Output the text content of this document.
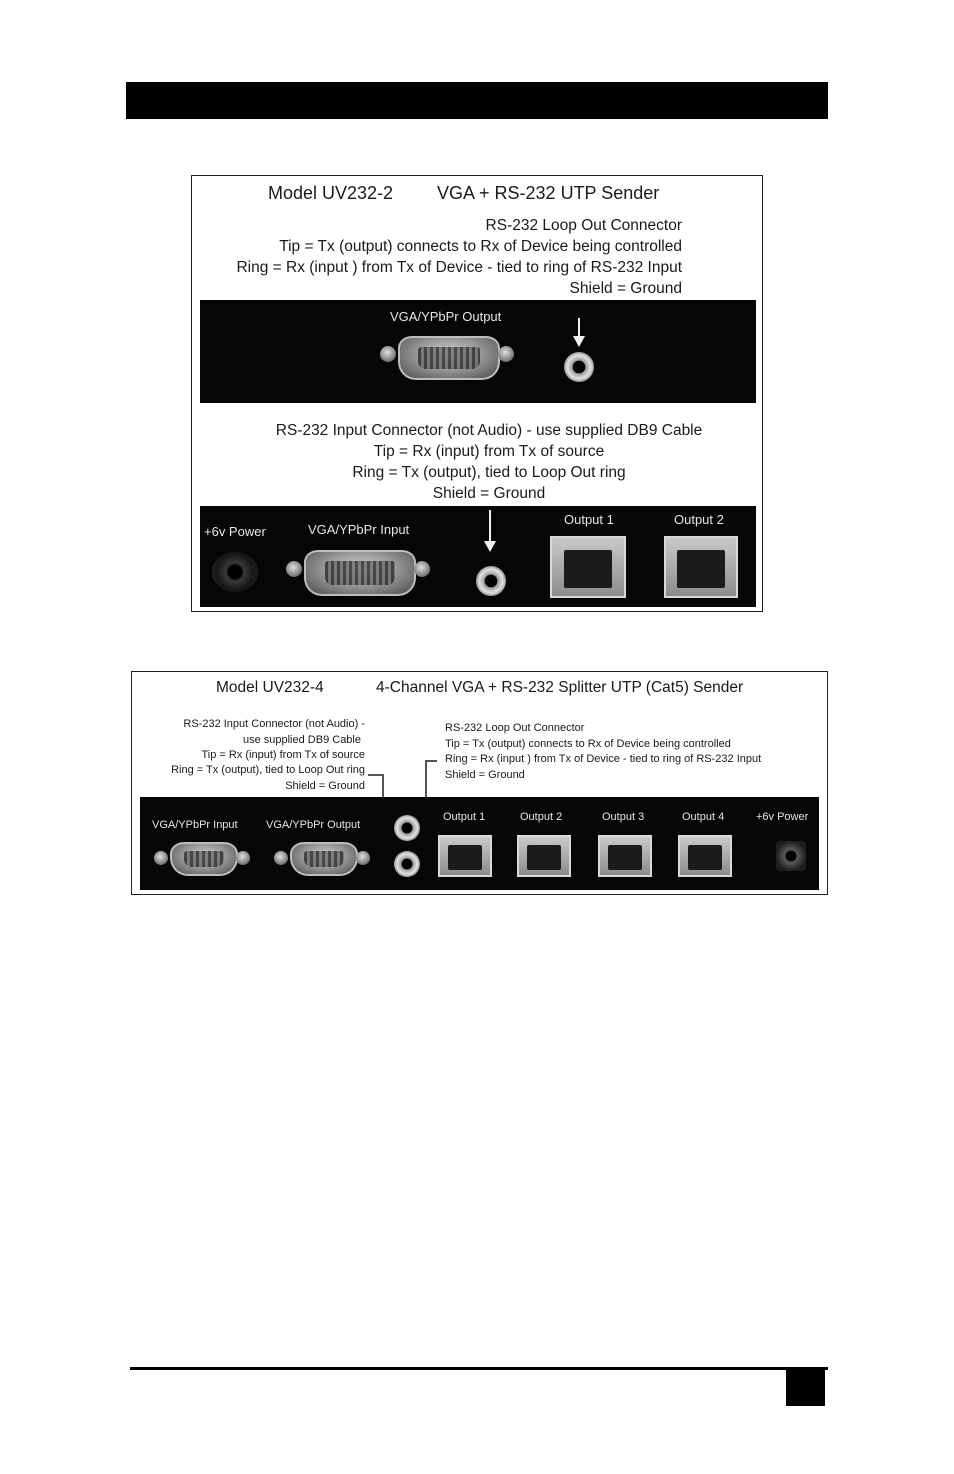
Model UV232-2 VGA + RS-232 UTP Sender
RS-232 Loop Out Connector
Tip = Tx (output) connects to Rx of Device being controlled
Ring = Rx (input ) from Tx of Device - tied to ring of RS-232 Input
Shield = Ground
VGA/YPbPr Output
RS-232 Input Connector (not Audio) - use supplied DB9 Cable
Tip = Rx (input) from Tx of source
Ring = Tx (output), tied to Loop Out ring
Shield = Ground
+6v Power	VGA/YPbPr Input
Output 1	Output 2
Model UV232-4	4-Channel VGA + RS-232 Splitter UTP (Cat5) Sender
RS-232 Input Connector (not Audio) -
use supplied DB9 Cable
Tip = Rx (input) from Tx of source
Ring = Tx (output), tied to Loop Out ring
Shield = Ground
RS-232 Loop Out Connector
Tip = Tx (output) connects to Rx of Device being controlled
Ring = Rx (input ) from Tx of Device - tied to ring of RS-232 Input
Shield = Ground
VGA/YPbPr Input	VGA/YPbPr Output
Output 1	Output 2	Output 3	Output 4	+6v Power
